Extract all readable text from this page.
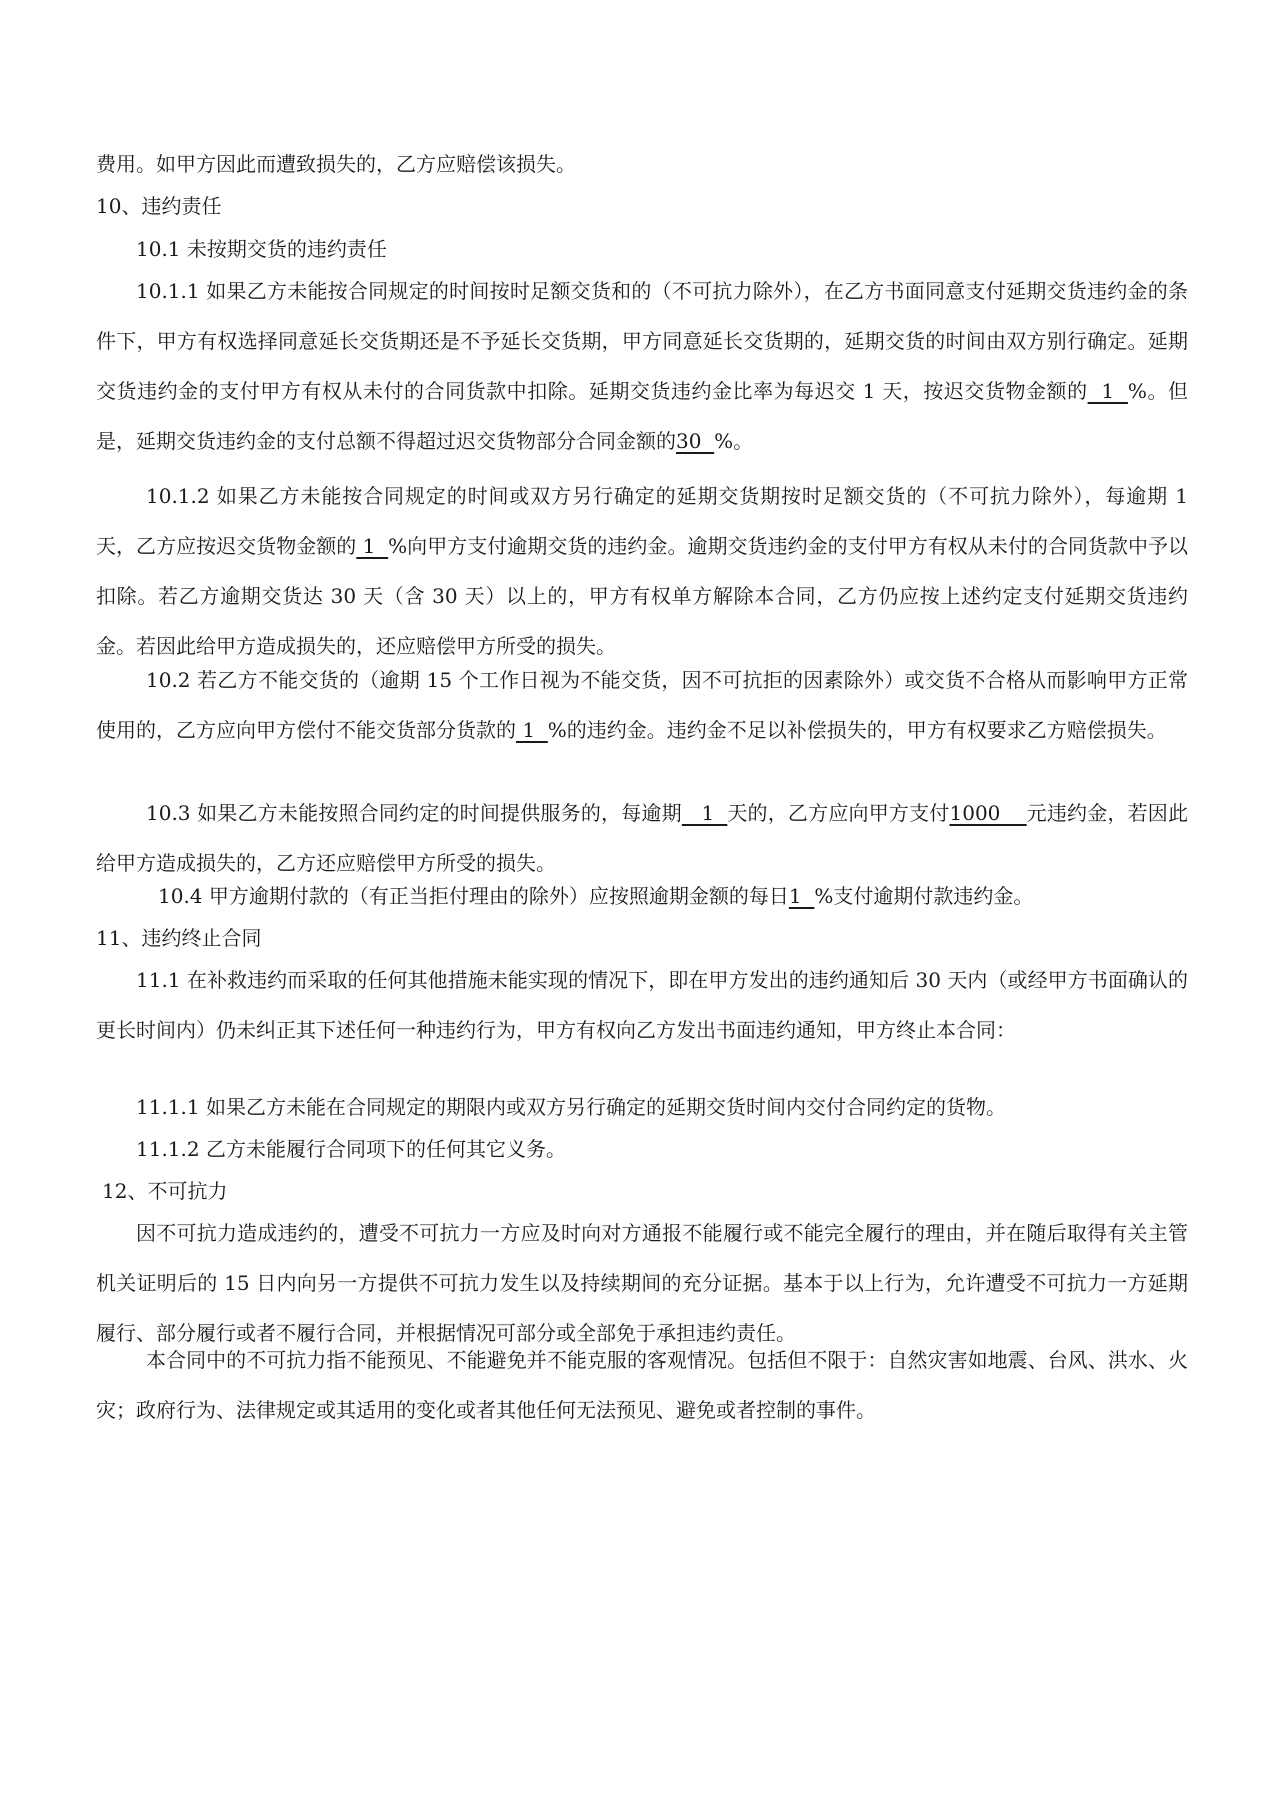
费用。如甲方因此而遭致损失的，乙方应赔偿该损失。

10、违约责任

10.1 未按期交货的违约责任

10.1.1 如果乙方未能按合同规定的时间按时足额交货和的（不可抗力除外），在乙方书面同意支付延期交货违约金的条件下，甲方有权选择同意延长交货期还是不予延长交货期，甲方同意延长交货期的，延期交货的时间由双方别行确定。延期交货违约金的支付甲方有权从未付的合同货款中扣除。延期交货违约金比率为每迟交 1 天，按迟交货物金额的  1  %。但是，延期交货违约金的支付总额不得超过迟交货物部分合同金额的30  %。

10.1.2 如果乙方未能按合同规定的时间或双方另行确定的延期交货期按时足额交货的（不可抗力除外），每逾期 1 天，乙方应按迟交货物金额的 1  %向甲方支付逾期交货的违约金。逾期交货违约金的支付甲方有权从未付的合同货款中予以扣除。若乙方逾期交货达 30 天（含 30 天）以上的，甲方有权单方解除本合同，乙方仍应按上述约定支付延期交货违约金。若因此给甲方造成损失的，还应赔偿甲方所受的损失。

10.2 若乙方不能交货的（逾期 15 个工作日视为不能交货，因不可抗拒的因素除外）或交货不合格从而影响甲方正常使用的，乙方应向甲方偿付不能交货部分货款的 1  %的违约金。违约金不足以补偿损失的，甲方有权要求乙方赔偿损失。

10.3 如果乙方未能按照合同约定的时间提供服务的，每逾期   1  天的，乙方应向甲方支付1000    元违约金，若因此给甲方造成损失的，乙方还应赔偿甲方所受的损失。

10.4 甲方逾期付款的（有正当拒付理由的除外）应按照逾期金额的每日1  %支付逾期付款违约金。

11、违约终止合同

11.1 在补救违约而采取的任何其他措施未能实现的情况下，即在甲方发出的违约通知后 30 天内（或经甲方书面确认的更长时间内）仍未纠正其下述任何一种违约行为，甲方有权向乙方发出书面违约通知，甲方终止本合同：

11.1.1 如果乙方未能在合同规定的期限内或双方另行确定的延期交货时间内交付合同约定的货物。

11.1.2 乙方未能履行合同项下的任何其它义务。

12、不可抗力

因不可抗力造成违约的，遭受不可抗力一方应及时向对方通报不能履行或不能完全履行的理由，并在随后取得有关主管机关证明后的 15 日内向另一方提供不可抗力发生以及持续期间的充分证据。基本于以上行为，允许遭受不可抗力一方延期履行、部分履行或者不履行合同，并根据情况可部分或全部免于承担违约责任。

本合同中的不可抗力指不能预见、不能避免并不能克服的客观情况。包括但不限于：自然灾害如地震、台风、洪水、火灾；政府行为、法律规定或其适用的变化或者其他任何无法预见、避免或者控制的事件。
